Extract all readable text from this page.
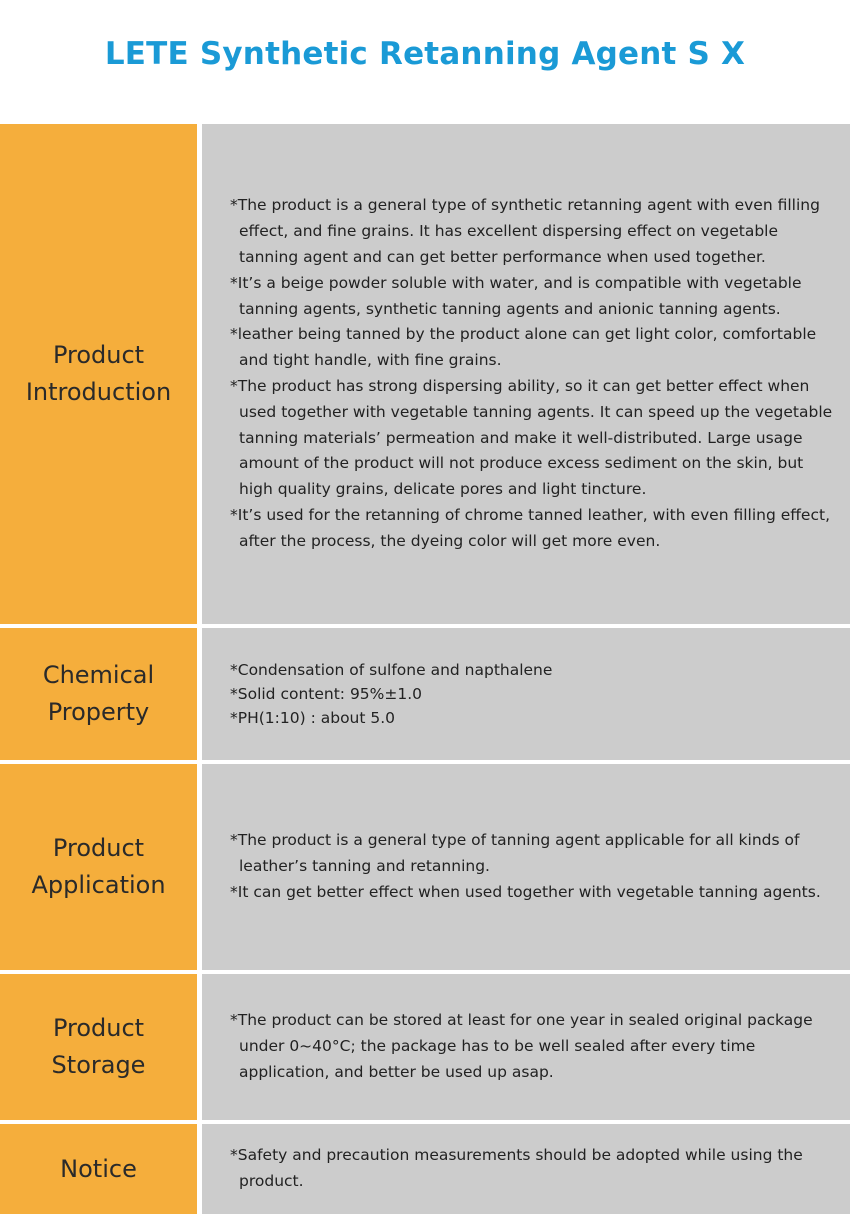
LETE Synthetic Retanning Agent S X
Product
Introduction
*The product is a general type of synthetic retanning agent with even filling effect, and fine grains. It has excellent dispersing effect on vegetable tanning agent and can get better performance when used together.
*It’s a beige powder soluble with water, and is compatible with vegetable tanning agents, synthetic tanning agents and anionic tanning agents.
*leather being tanned by the product alone can get light color, comfortable and tight handle, with fine grains.
*The product has strong dispersing ability, so it can get better effect when used together with vegetable tanning agents. It can speed up the vegetable tanning materials’ permeation and make it well-distributed. Large usage amount of the product will not produce excess sediment on the skin, but high quality grains, delicate pores and light tincture.
*It’s used for the retanning of chrome tanned leather, with even filling effect, after the process, the dyeing color will get more even.
Chemical
Property
*Condensation of sulfone and napthalene
*Solid content: 95%±1.0
*PH(1:10) : about 5.0
Product
Application
*The product is a general type of tanning agent applicable for all kinds of leather’s tanning and retanning.
*It can get better effect when used together with vegetable tanning agents.
Product
Storage
*The product can be stored at least for one year in sealed original package under 0~40°C; the package has to be well sealed after every time application, and better be used up asap.
Notice	*Safety and precaution measurements should be adopted while using the product.
